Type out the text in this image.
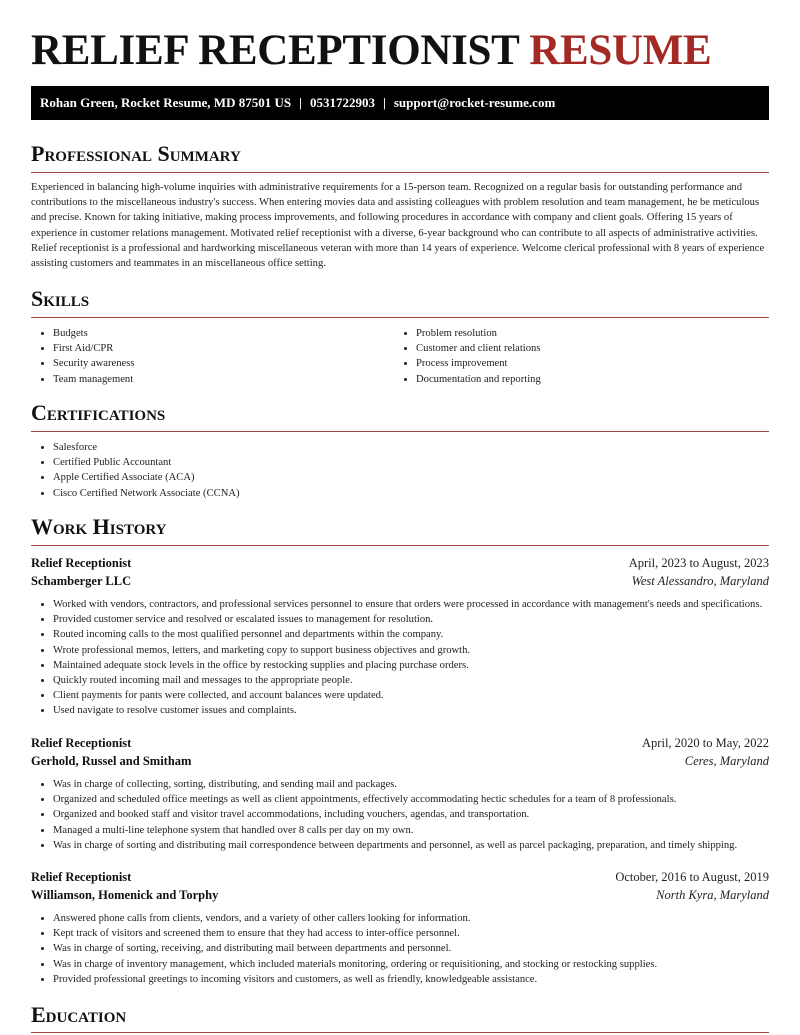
RELIEF RECEPTIONIST RESUME
Rohan Green, Rocket Resume, MD 87501 US | 0531722903 | support@rocket-resume.com
Professional Summary

Experienced in balancing high-volume inquiries with administrative requirements for a 15-person team. Recognized on a regular basis for outstanding performance and contributions to the miscellaneous industry's success. When entering movies data and assisting colleagues with problem resolution and team management, he be meticulous and precise. Known for taking initiative, making process improvements, and following procedures in accordance with company and client goals. Offering 15 years of experience in customer relations management. Motivated relief receptionist with a diverse, 6-year background who can contribute to all aspects of administrative activities. Relief receptionist is a professional and hardworking miscellaneous veteran with more than 14 years of experience. Welcome clerical professional with 8 years of experience assisting customers and teammates in an miscellaneous office setting.

Skills
• Budgets
• First Aid/CPR
• Security awareness
• Team management
• Problem resolution
• Customer and client relations
• Process improvement
• Documentation and reporting
Certifications
• Salesforce
• Certified Public Accountant
• Apple Certified Associate (ACA)
• Cisco Certified Network Associate (CCNA)
Work History
Relief Receptionist	April, 2023 to August, 2023
Schamberger LLC	West Alessandro, Maryland
• Worked with vendors, contractors, and professional services personnel to ensure that orders were processed in accordance with management's needs and specifications.
• Provided customer service and resolved or escalated issues to management for resolution.
• Routed incoming calls to the most qualified personnel and departments within the company.
• Wrote professional memos, letters, and marketing copy to support business objectives and growth.
• Maintained adequate stock levels in the office by restocking supplies and placing purchase orders.
• Quickly routed incoming mail and messages to the appropriate people.
• Client payments for pants were collected, and account balances were updated.
• Used navigate to resolve customer issues and complaints.
Relief Receptionist	April, 2020 to May, 2022
Gerhold, Russel and Smitham	Ceres, Maryland
• Was in charge of collecting, sorting, distributing, and sending mail and packages.
• Organized and scheduled office meetings as well as client appointments, effectively accommodating hectic schedules for a team of 8 professionals.
• Organized and booked staff and visitor travel accommodations, including vouchers, agendas, and transportation.
• Managed a multi-line telephone system that handled over 8 calls per day on my own.
• Was in charge of sorting and distributing mail correspondence between departments and personnel, as well as parcel packaging, preparation, and timely shipping.
Relief Receptionist	October, 2016 to August, 2019
Williamson, Homenick and Torphy	North Kyra, Maryland
• Answered phone calls from clients, vendors, and a variety of other callers looking for information.
• Kept track of visitors and screened them to ensure that they had access to inter-office personnel.
• Was in charge of sorting, receiving, and distributing mail between departments and personnel.
• Was in charge of inventory management, which included materials monitoring, ordering or requisitioning, and stocking or restocking supplies.
• Provided professional greetings to incoming visitors and customers, as well as friendly, knowledgeable assistance.
Education
